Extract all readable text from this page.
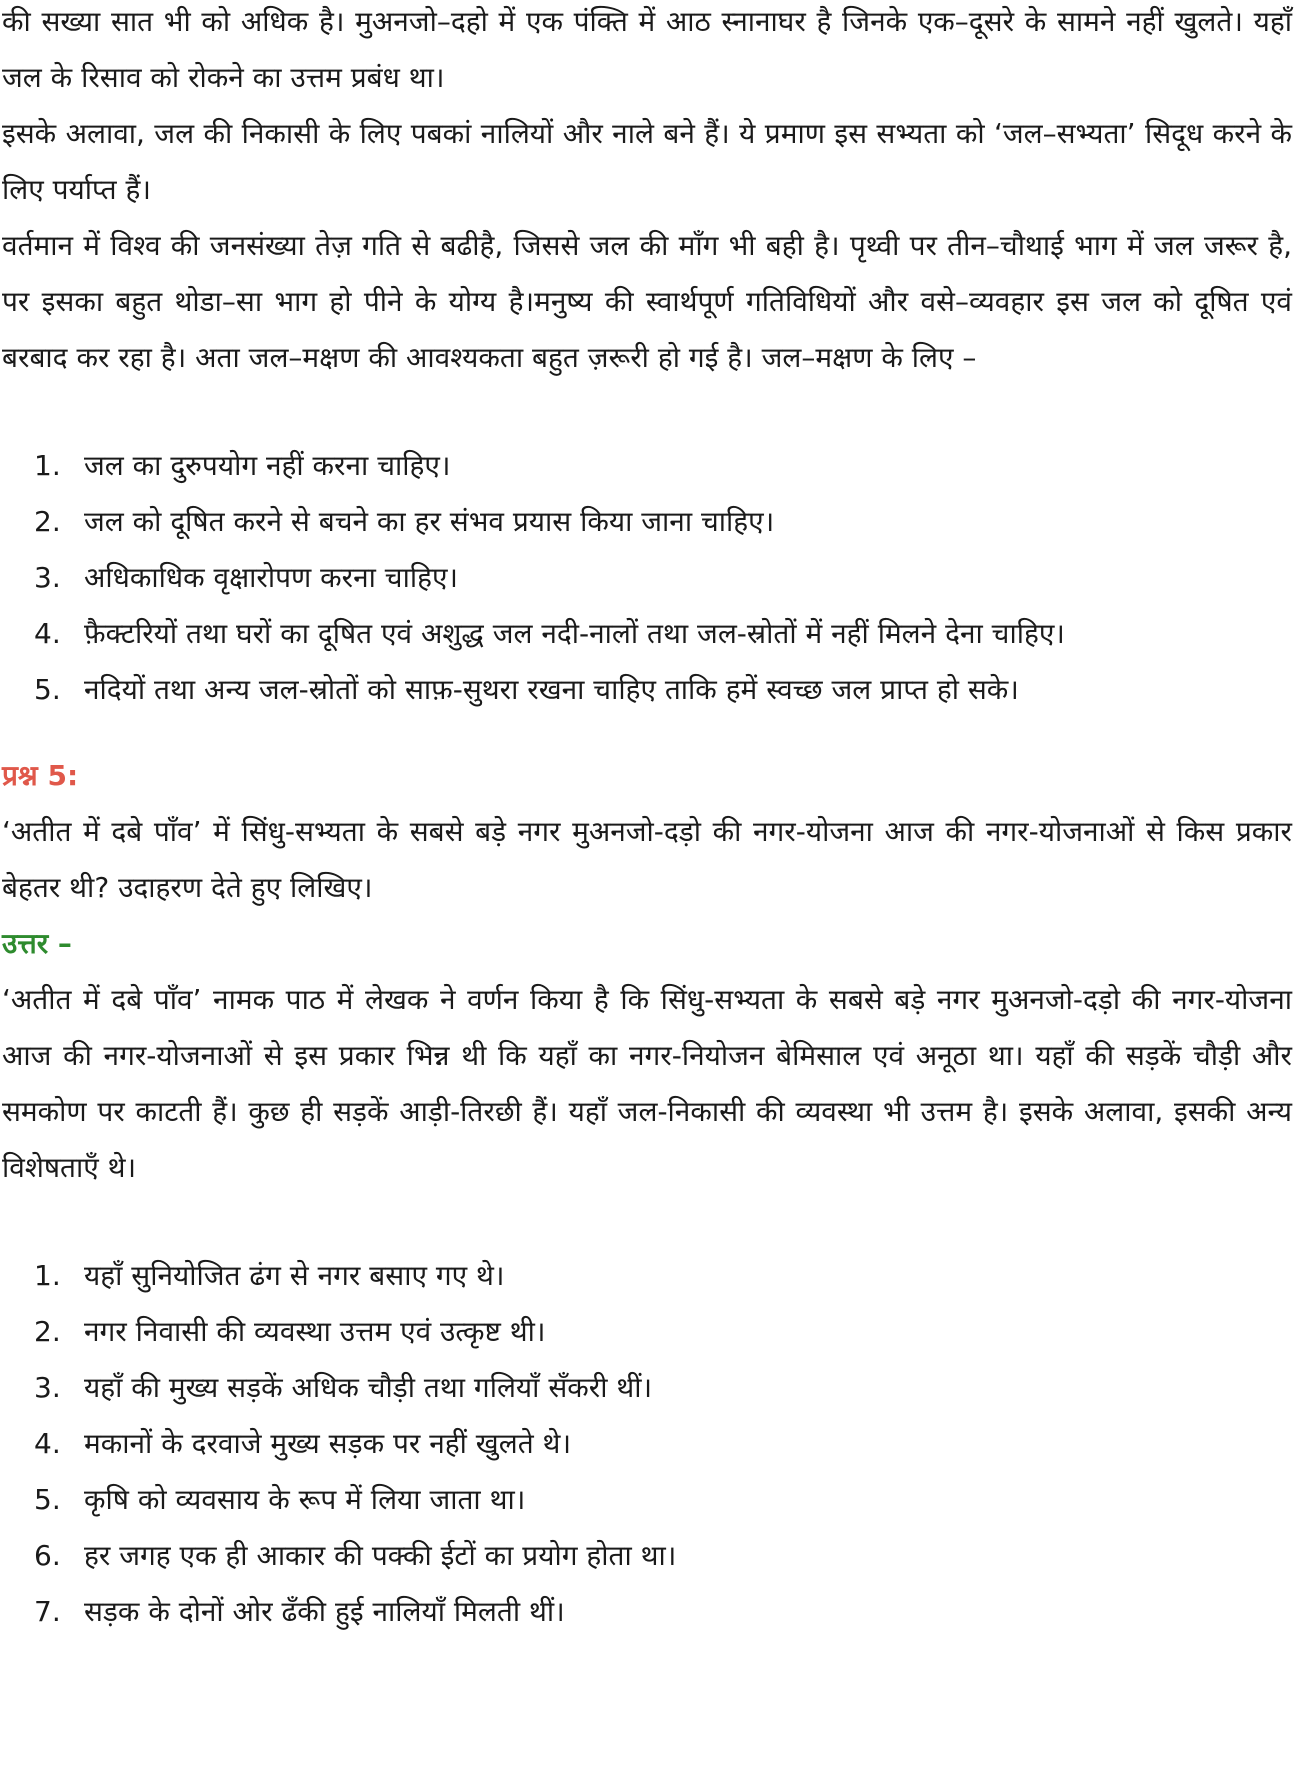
की सख्या सात भी को अधिक है। मुअनजो–दहो में एक पंक्ति में आठ स्नानाघर है जिनके एक–दूसरे के सामने नहीं खुलते। यहाँ जल के रिसाव को रोकने का उत्तम प्रबंध था।

इसके अलावा, जल की निकासी के लिए पबकां नालियों और नाले बने हैं। ये प्रमाण इस सभ्यता को ‘जल–सभ्यता’ सिदूध करने के लिए पर्याप्त हैं।

वर्तमान में विश्व की जनसंख्या तेज़ गति से बढीहै, जिससे जल की माँग भी बही है। पृथ्वी पर तीन–चौथाई भाग में जल जरूर है, पर इसका बहुत थोडा–सा भाग हो पीने के योग्य है।मनुष्य की स्वार्थपूर्ण गतिविधियों और वसे–व्यवहार इस जल को दूषित एवं बरबाद कर रहा है। अता जल–मक्षण की आवश्यकता बहुत ज़रूरी हो गई है। जल–मक्षण के लिए –

1. जल का दुरुपयोग नहीं करना चाहिए।
2. जल को दूषित करने से बचने का हर संभव प्रयास किया जाना चाहिए।
3. अधिकाधिक वृक्षारोपण करना चाहिए।
4. फ़ैक्टरियों तथा घरों का दूषित एवं अशुद्ध जल नदी-नालों तथा जल-स्रोतों में नहीं मिलने देना चाहिए।
5. नदियों तथा अन्य जल-स्रोतों को साफ़-सुथरा रखना चाहिए ताकि हमें स्वच्छ जल प्राप्त हो सके।
प्रश्न 5:

‘अतीत में दबे पाँव’ में सिंधु-सभ्यता के सबसे बड़े नगर मुअनजो-दड़ो की नगर-योजना आज की नगर-योजनाओं से किस प्रकार बेहतर थी? उदाहरण देते हुए लिखिए।

उत्तर –

‘अतीत में दबे पाँव’ नामक पाठ में लेखक ने वर्णन किया है कि सिंधु-सभ्यता के सबसे बड़े नगर मुअनजो-दड़ो की नगर-योजना आज की नगर-योजनाओं से इस प्रकार भिन्न थी कि यहाँ का नगर-नियोजन बेमिसाल एवं अनूठा था। यहाँ की सड़कें चौड़ी और समकोण पर काटती हैं। कुछ ही सड़कें आड़ी-तिरछी हैं। यहाँ जल-निकासी की व्यवस्था भी उत्तम है। इसके अलावा, इसकी अन्य विशेषताएँ थे।

1. यहाँ सुनियोजित ढंग से नगर बसाए गए थे।
2. नगर निवासी की व्यवस्था उत्तम एवं उत्कृष्ट थी।
3. यहाँ की मुख्य सड़कें अधिक चौड़ी तथा गलियाँ सँकरी थीं।
4. मकानों के दरवाजे मुख्य सड़क पर नहीं खुलते थे।
5. कृषि को व्यवसाय के रूप में लिया जाता था।
6. हर जगह एक ही आकार की पक्की ईटों का प्रयोग होता था।
7. सड़क के दोनों ओर ढँकी हुई नालियाँ मिलती थीं।
